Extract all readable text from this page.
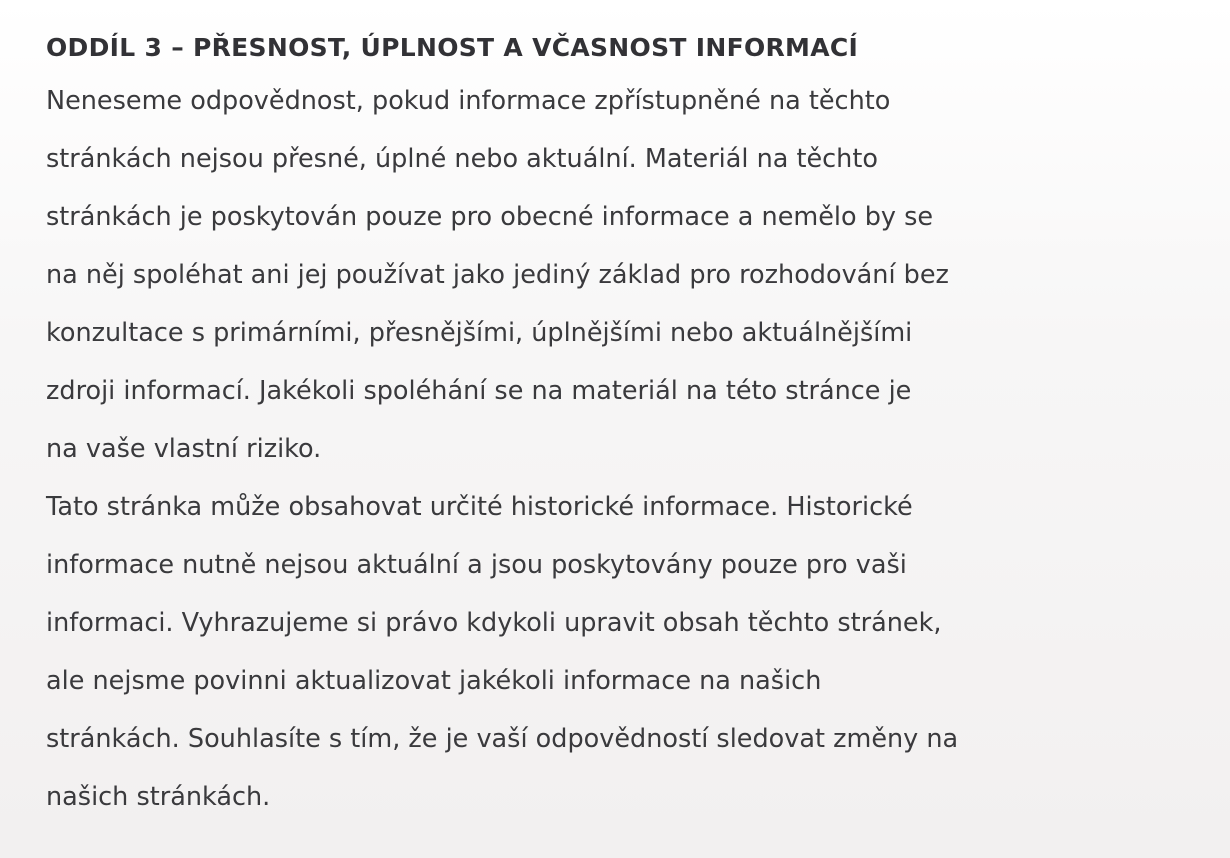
ODDÍL 3 – PŘESNOST, ÚPLNOST A VČASNOST INFORMACÍ

Neneseme odpovědnost, pokud informace zpřístupněné na těchto
stránkách nejsou přesné, úplné nebo aktuální. Materiál na těchto
stránkách je poskytován pouze pro obecné informace a nemělo by se
na něj spoléhat ani jej používat jako jediný základ pro rozhodování bez
konzultace s primárními, přesnějšími, úplnějšími nebo aktuálnějšími
zdroji informací. Jakékoli spoléhání se na materiál na této stránce je
na vaše vlastní riziko.

Tato stránka může obsahovat určité historické informace. Historické
informace nutně nejsou aktuální a jsou poskytovány pouze pro vaši
informaci. Vyhrazujeme si právo kdykoli upravit obsah těchto stránek,
ale nejsme povinni aktualizovat jakékoli informace na našich
stránkách. Souhlasíte s tím, že je vaší odpovědností sledovat změny na
našich stránkách.
